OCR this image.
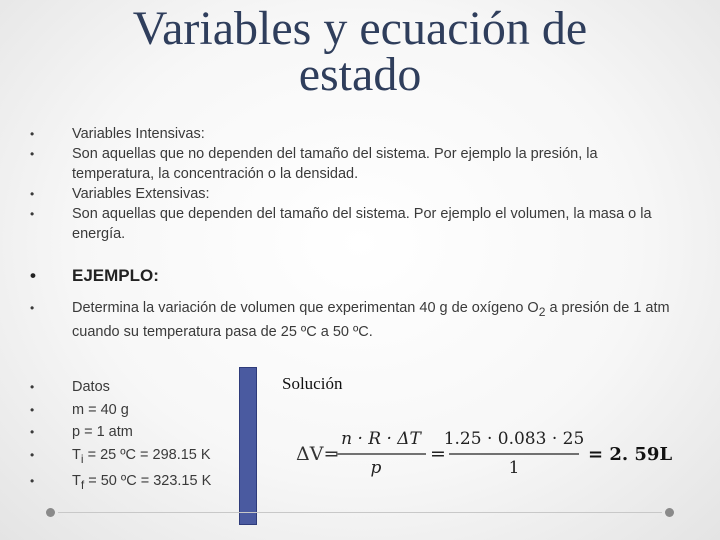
Variables y ecuación de
estado
•	Variables Intensivas:
•	Son aquellas que no dependen del tamaño del sistema. Por ejemplo la presión, la temperatura, la concentración o la densidad.
•	Variables Extensivas:
•	Son aquellas que dependen del tamaño del sistema. Por ejemplo el volumen, la masa o la energía.
• EJEMPLO:
•	Determina la variación de volumen que experimentan 40 g de oxígeno $O_2$ a presión de 1 atm cuando su temperatura pasa de 25 ºC a 50 ºC.
•	Datos
•	m = 40 g
•	p = 1 atm
•	$T_i = 25$ ºC = 298.15 K
•	$T_f = 50$ ºC = 323.15 K
Solución
ΔV=
n · R · ΔT
p
=
1.25 · 0.083 · 25
1
= 2. 59L
